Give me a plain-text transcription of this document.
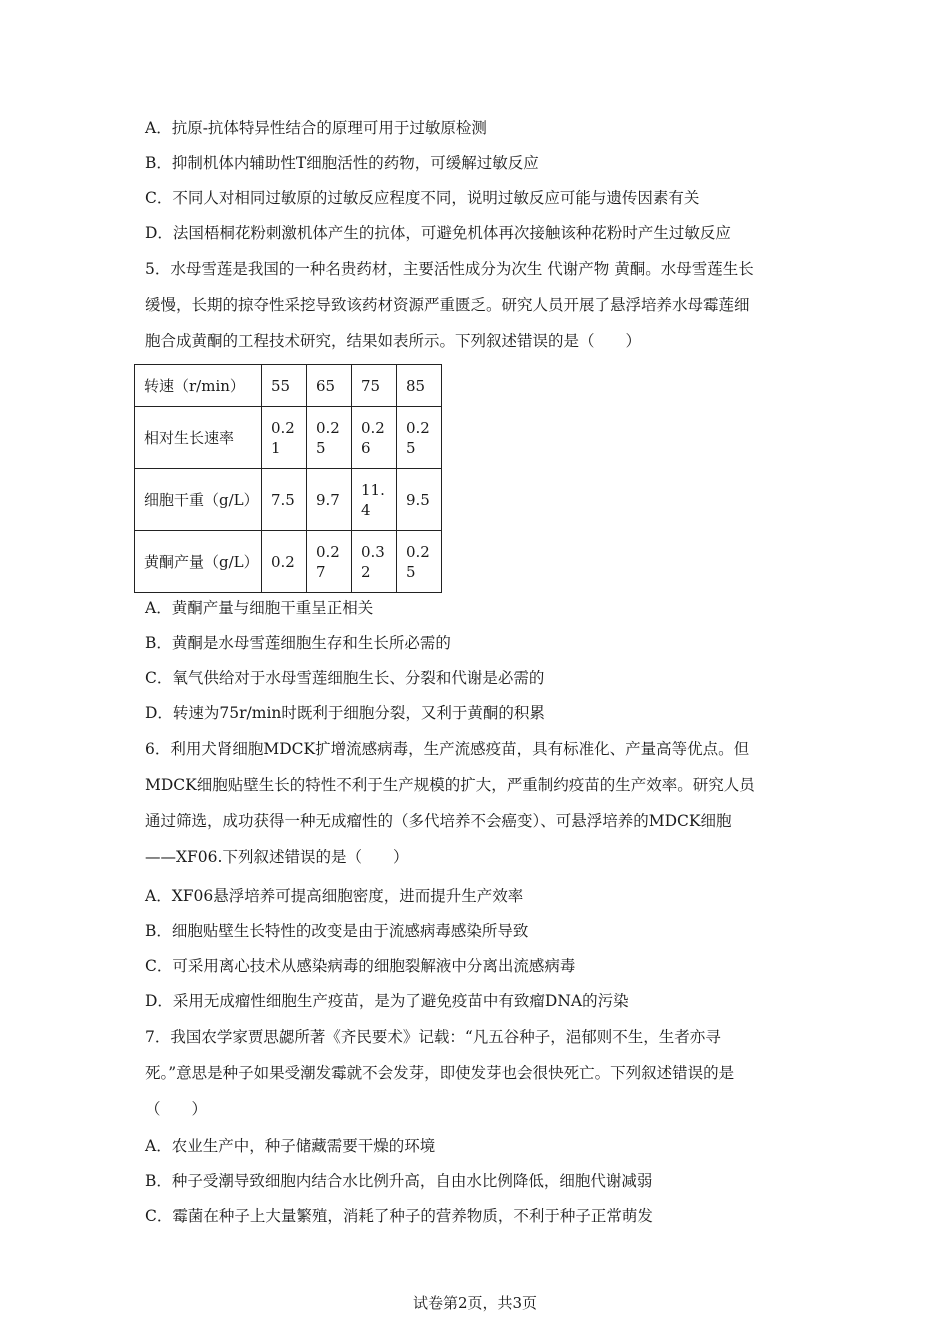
A．抗原-抗体特异性结合的原理可用于过敏原检测
B．抑制机体内辅助性T细胞活性的药物，可缓解过敏反应
C．不同人对相同过敏原的过敏反应程度不同，说明过敏反应可能与遗传因素有关
D．法国梧桐花粉刺激机体产生的抗体，可避免机体再次接触该种花粉时产生过敏反应
5．水母雪莲是我国的一种名贵药材，主要活性成分为次生 代谢产物 黄酮。水母雪莲生长
缓慢，长期的掠夺性采挖导致该药材资源严重匮乏。研究人员开展了悬浮培养水母霉莲细
胞合成黄酮的工程技术研究，结果如表所示。下列叙述错误的是（　　）
转速（r/min）	55	65	75	85
相对生长速率	0.21	0.25	0.26	0.25
细胞干重（g/L）	7.5	9.7	11.4	9.5
黄酮产量（g/L）	0.2	0.27	0.32	0.25
A．黄酮产量与细胞干重呈正相关
B．黄酮是水母雪莲细胞生存和生长所必需的
C．氧气供给对于水母雪莲细胞生长、分裂和代谢是必需的
D．转速为75r/min时既利于细胞分裂，又利于黄酮的积累
6．利用犬肾细胞MDCK扩增流感病毒，生产流感疫苗，具有标准化、产量高等优点。但
MDCK细胞贴壁生长的特性不利于生产规模的扩大，严重制约疫苗的生产效率。研究人员
通过筛选，成功获得一种无成瘤性的（多代培养不会癌变）、可悬浮培养的MDCK细胞
——XF06.下列叙述错误的是（　　）
A．XF06悬浮培养可提高细胞密度，进而提升生产效率
B．细胞贴壁生长特性的改变是由于流感病毒感染所导致
C．可采用离心技术从感染病毒的细胞裂解液中分离出流感病毒
D．采用无成瘤性细胞生产疫苗，是为了避免疫苗中有致瘤DNA的污染
7．我国农学家贾思勰所著《齐民要术》记载：“凡五谷种子，浥郁则不生，生者亦寻
死。”意思是种子如果受潮发霉就不会发芽，即使发芽也会很快死亡。下列叙述错误的是
（　　）
A．农业生产中，种子储藏需要干燥的环境
B．种子受潮导致细胞内结合水比例升高，自由水比例降低，细胞代谢减弱
C．霉菌在种子上大量繁殖，消耗了种子的营养物质，不利于种子正常萌发
试卷第2页，共3页
